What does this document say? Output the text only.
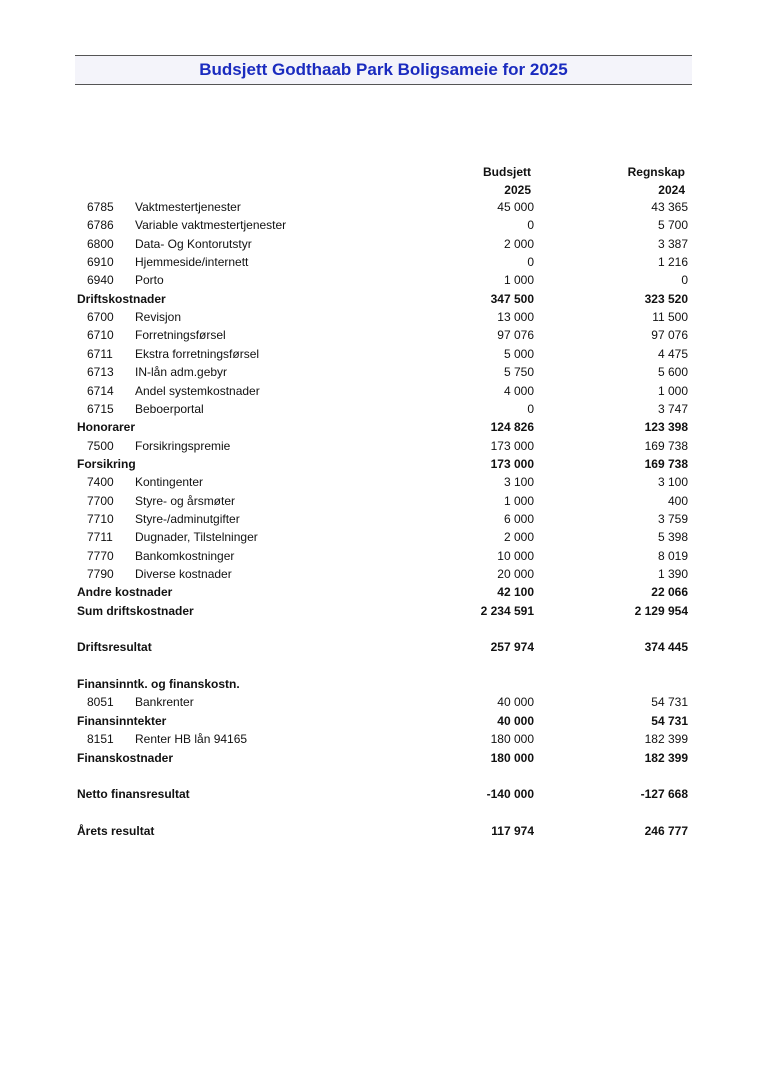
Budsjett Godthaab Park Boligsameie for 2025
Budsjett
2025
Regnskap
2024
6785 Vaktmestertjenester	45 000	43 365
6786 Variable vaktmestertjenester	0	5 700
6800 Data- Og Kontorutstyr	2 000	3 387
6910 Hjemmeside/internett	0	1 216
6940 Porto	1 000	0
Driftskostnader	347 500	323 520
6700 Revisjon	13 000	11 500
6710 Forretningsførsel	97 076	97 076
6711 Ekstra forretningsførsel	5 000	4 475
6713 IN-lån adm.gebyr	5 750	5 600
6714 Andel systemkostnader	4 000	1 000
6715 Beboerportal	0	3 747
Honorarer	124 826	123 398
7500 Forsikringspremie	173 000	169 738
Forsikring	173 000	169 738
7400 Kontingenter	3 100	3 100
7700 Styre- og årsmøter	1 000	400
7710 Styre-/adminutgifter	6 000	3 759
7711 Dugnader, Tilstelninger	2 000	5 398
7770 Bankomkostninger	10 000	8 019
7790 Diverse kostnader	20 000	1 390
Andre kostnader	42 100	22 066
Sum driftskostnader	2 234 591	2 129 954
Driftsresultat	257 974	374 445
Finansinntk. og finanskostn.
8051 Bankrenter	40 000	54 731
Finansinntekter	40 000	54 731
8151 Renter HB lån 94165	180 000	182 399
Finanskostnader	180 000	182 399
Netto finansresultat	-140 000	-127 668
Årets resultat	117 974	246 777
